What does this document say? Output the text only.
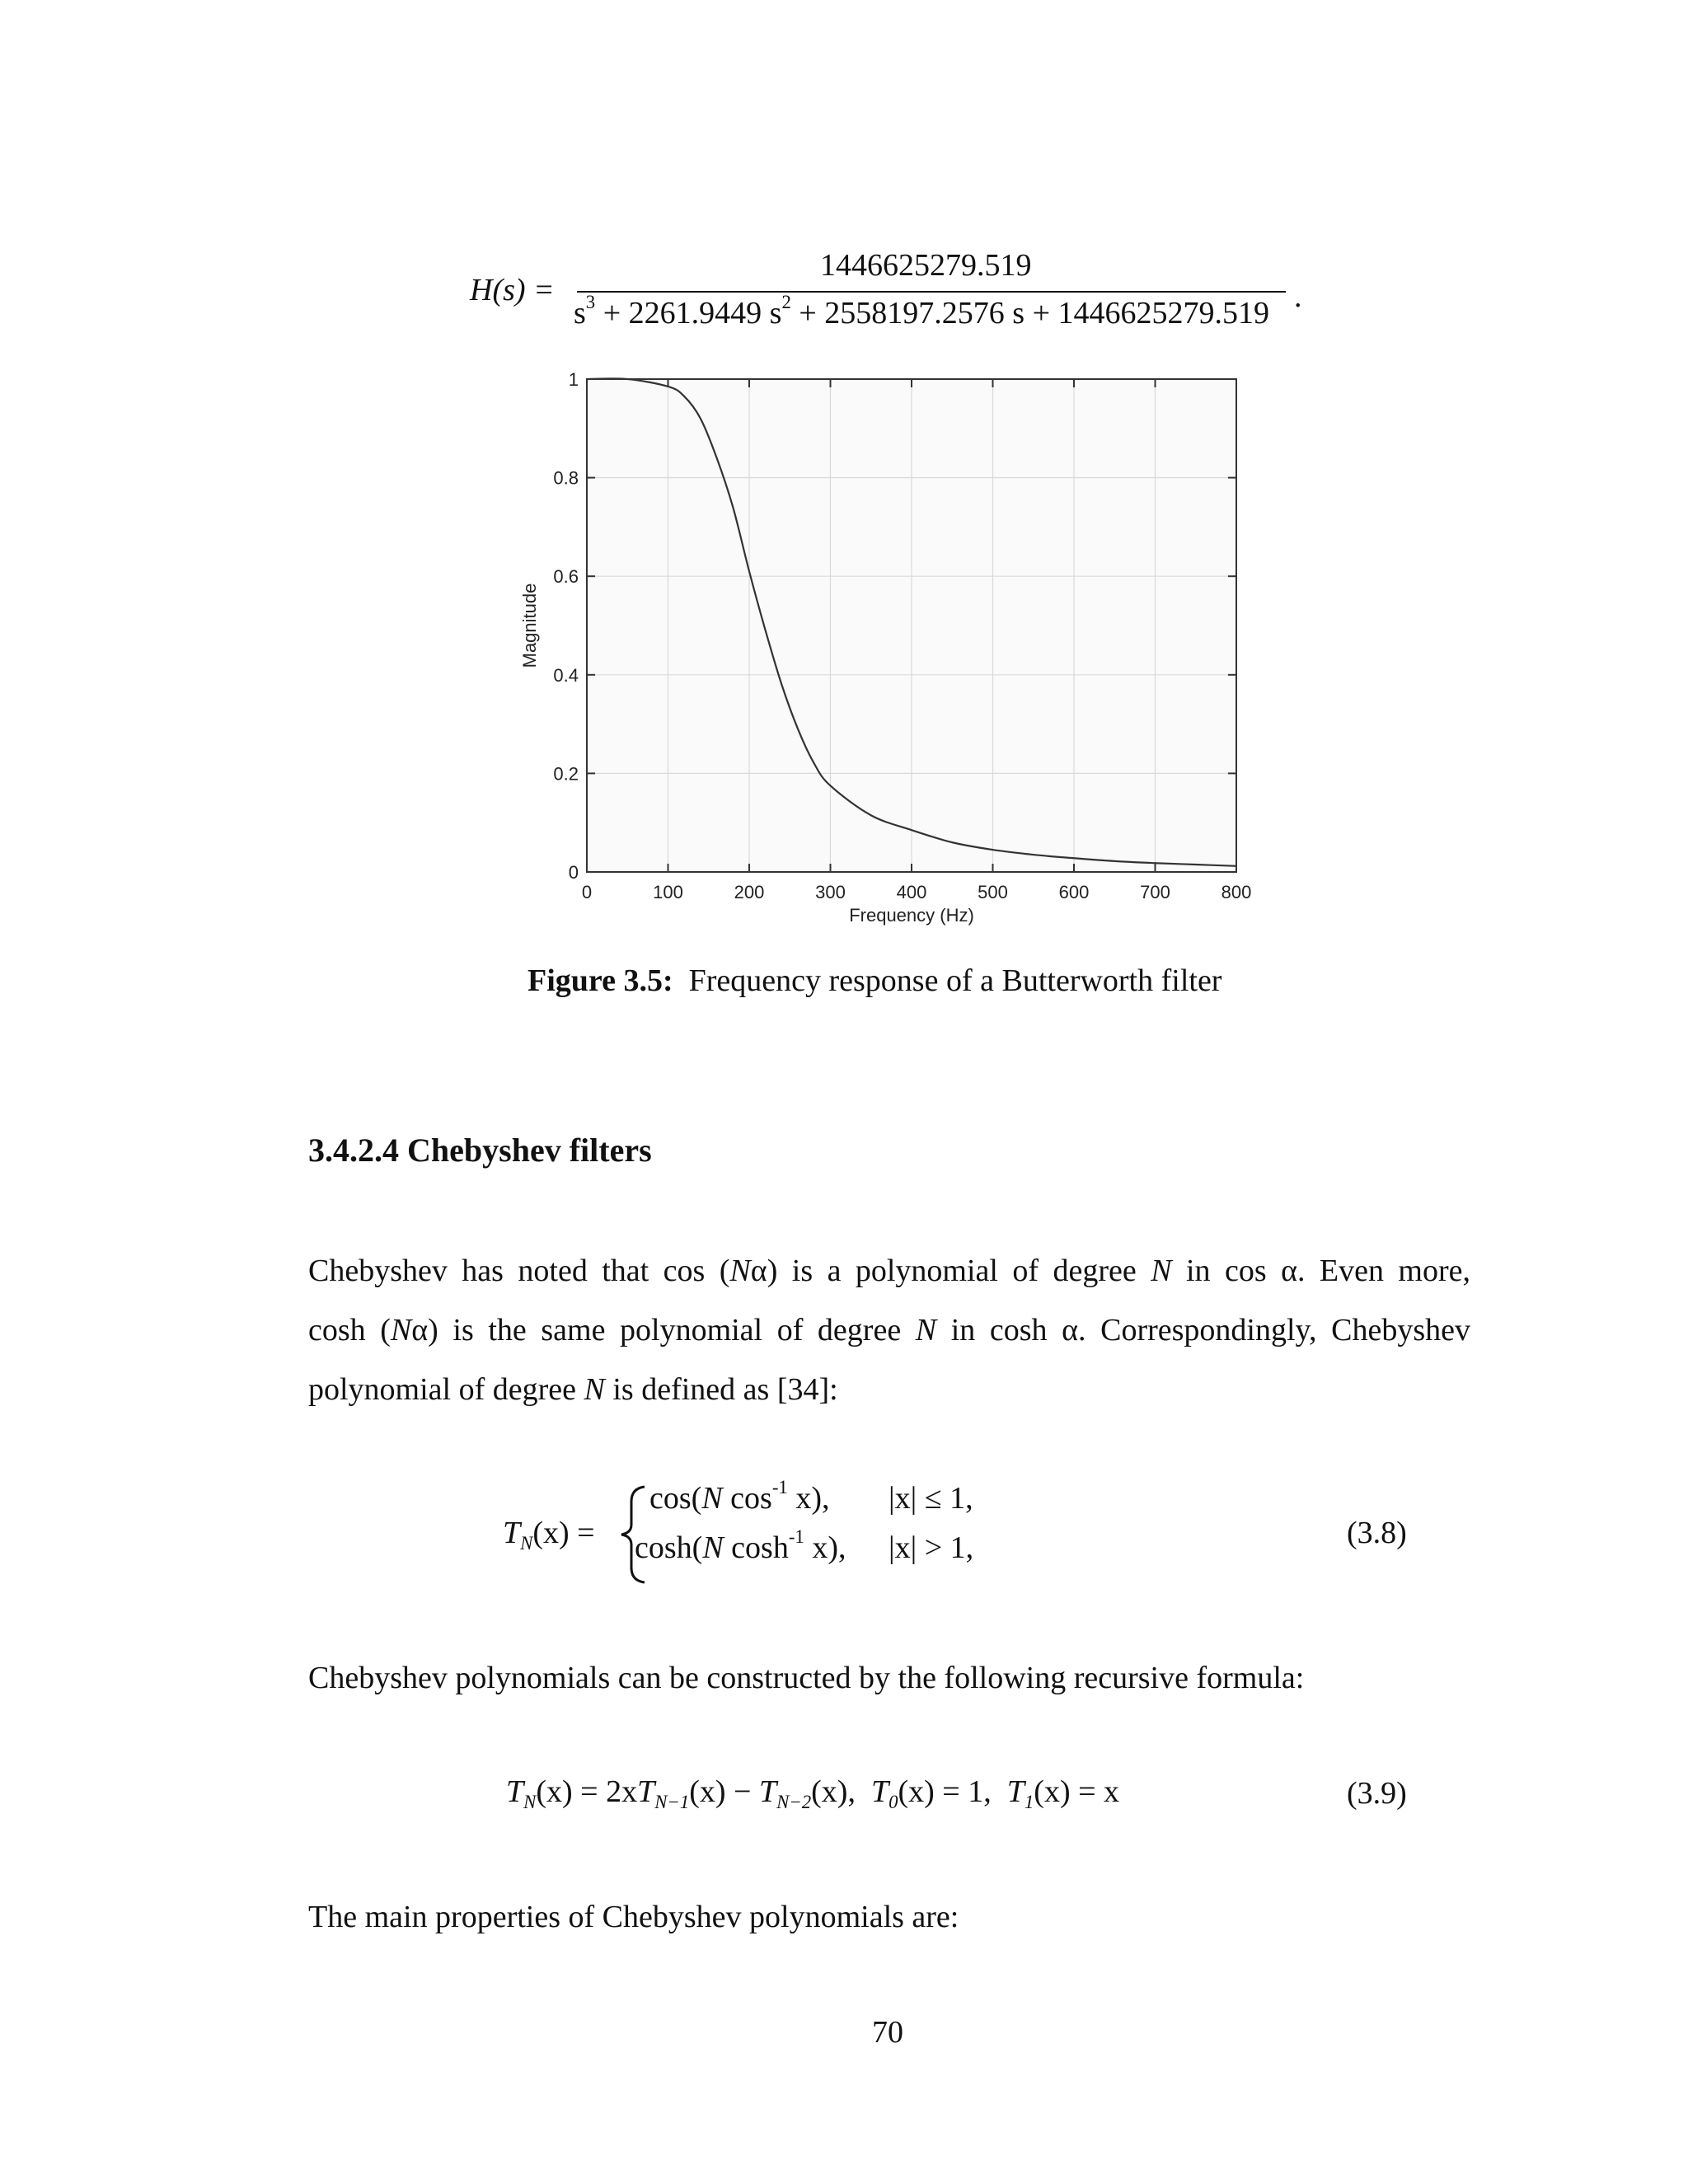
H(s) =
1446625279.519
$s^3 + 2261.9449$ $s^2 + 2558197.2576$ s + 1446625279.519 .
0	100	200	300	400	500	600	700	800
0
0.2
0.4
0.6
0.8
1
Frequency (Hz)
Magnitude
Figure 3.5: Frequency response of a Butterworth filter
3.4.2.4 Chebyshev filters
Chebyshev has noted that cos (Nα) is a polynomial of degree N in cos α. Even more,
cosh (Nα) is the same polynomial of degree N in cosh α. Correspondingly, Chebyshev
polynomial of degree N is defined as [34]:
$T_N(x)$ =
cos(N $\cos^{-1} x$), |x| ≤ 1,
cosh(N $\cosh^{-1} x$), |x| > 1,	(3.8)
Chebyshev polynomials can be constructed by the following recursive formula:
$T_N(x) = 2xT_{N-1}(x) - T_{N-2}(x)$,  $T_0(x) = 1$,  $T_1(x) = x$	(3.9)
The main properties of Chebyshev polynomials are:
70
